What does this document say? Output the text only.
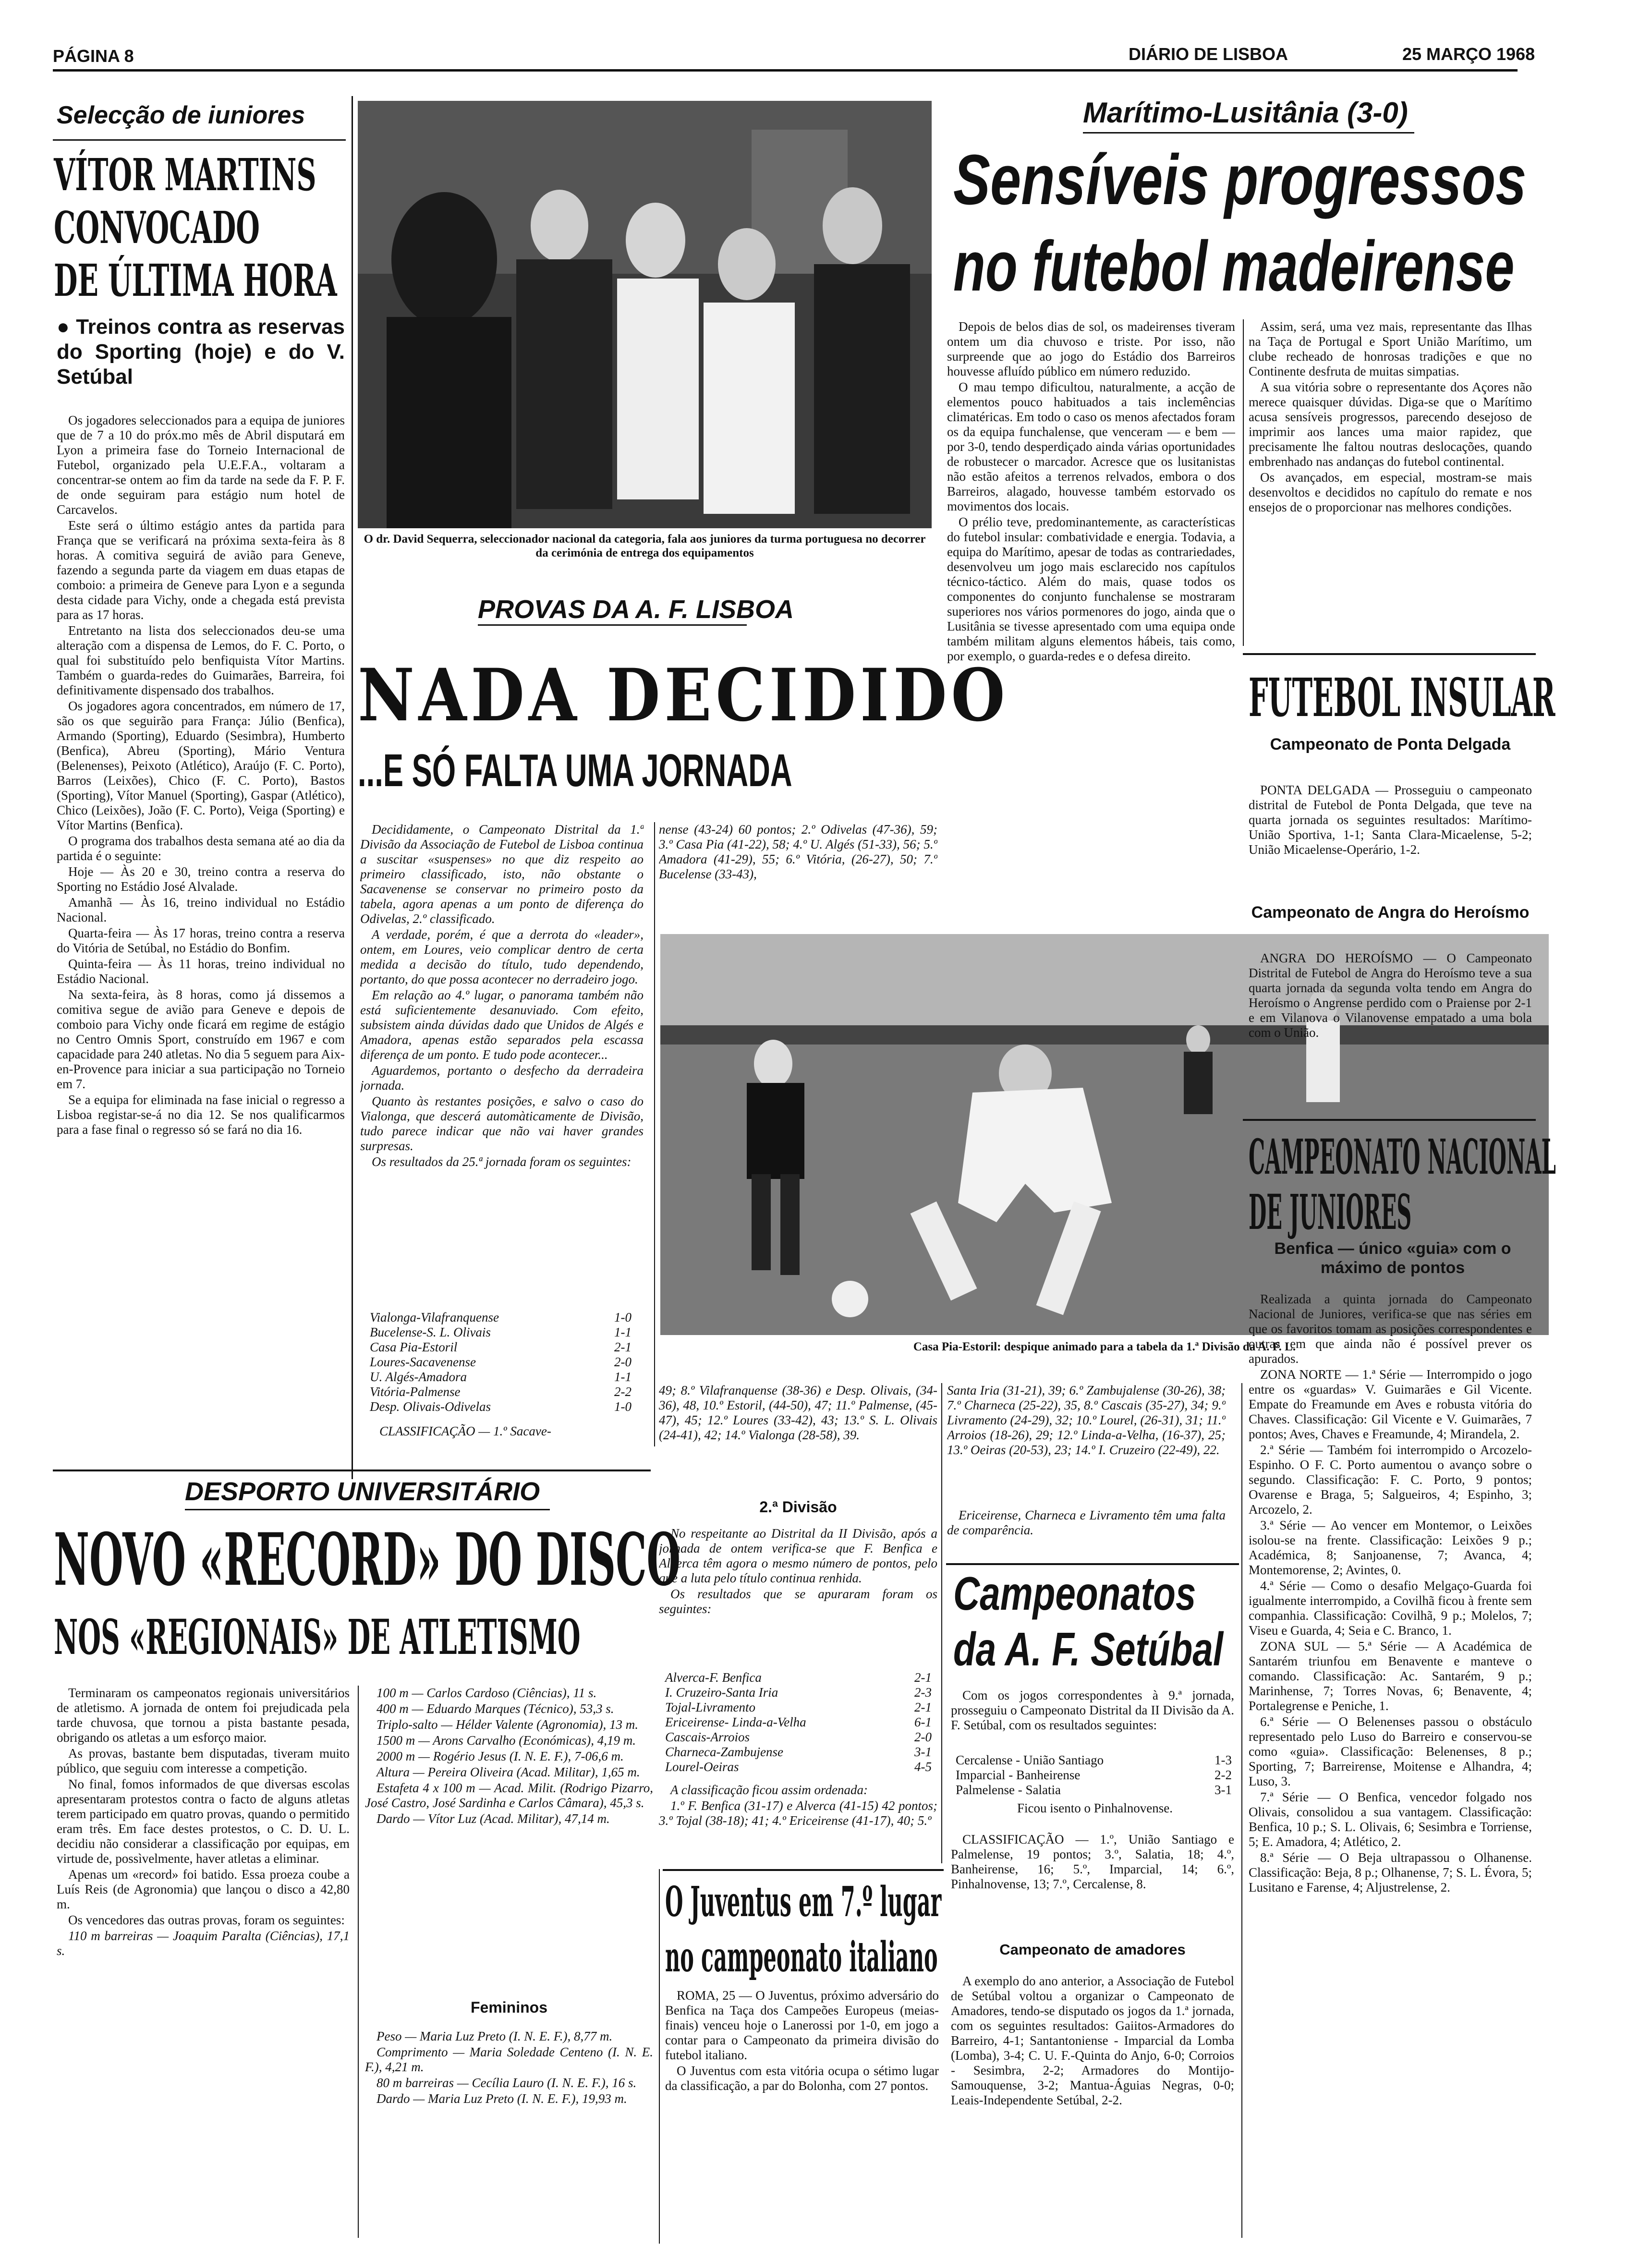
PÁGINA 8	DIÁRIO DE LISBOA	25 MARÇO 1968
Selecção de iuniores
VÍTOR MARTINS
CONVOCADO
DE ÚLTIMA HORA
● Treinos contra as reservas do Sporting (hoje) e do V. Setúbal

Os jogadores seleccionados para a equipa de juniores que de 7 a 10 do próx.mo mês de Abril disputará em Lyon a primeira fase do Torneio Internacional de Futebol, organizado pela U.E.F.A., voltaram a concentrar-se ontem ao fim da tarde na sede da F. P. F. de onde seguiram para estágio num hotel de Carcavelos.

Este será o último estágio antes da partida para França que se verificará na próxima sexta-feira às 8 horas. A comitiva seguirá de avião para Geneve, fazendo a segunda parte da viagem em duas etapas de comboio: a primeira de Geneve para Lyon e a segunda desta cidade para Vichy, onde a chegada está prevista para as 17 horas.

Entretanto na lista dos seleccionados deu-se uma alteração com a dispensa de Lemos, do F. C. Porto, o qual foi substituído pelo benfiquista Vítor Martins. Também o guarda-redes do Guimarães, Barreira, foi definitivamente dispensado dos trabalhos.

Os jogadores agora concentrados, em número de 17, são os que seguirão para França: Júlio (Benfica), Armando (Sporting), Eduardo (Sesimbra), Humberto (Benfica), Abreu (Sporting), Mário Ventura (Belenenses), Peixoto (Atlético), Araújo (F. C. Porto), Barros (Leixões), Chico (F. C. Porto), Bastos (Sporting), Vítor Manuel (Sporting), Gaspar (Atlético), Chico (Leixões), João (F. C. Porto), Veiga (Sporting) e Vítor Martins (Benfica).

O programa dos trabalhos desta semana até ao dia da partida é o seguinte:

Hoje — Às 20 e 30, treino contra a reserva do Sporting no Estádio José Alvalade.

Amanhã — Às 16, treino individual no Estádio Nacional.

Quarta-feira — Às 17 horas, treino contra a reserva do Vitória de Setúbal, no Estádio do Bonfim.

Quinta-feira — Às 11 horas, treino individual no Estádio Nacional.

Na sexta-feira, às 8 horas, como já dissemos a comitiva segue de avião para Geneve e depois de comboio para Vichy onde ficará em regime de estágio no Centro Omnis Sport, construído em 1967 e com capacidade para 240 atletas. No dia 5 seguem para Aix-en-Provence para iniciar a sua participação no Torneio em 7.

Se a equipa for eliminada na fase inicial o regresso a Lisboa registar-se-á no dia 12. Se nos qualificarmos para a fase final o regresso só se fará no dia 16.

O dr. David Sequerra, seleccionador nacional da categoria, fala aos juniores da turma portuguesa no decorrer da cerimónia de entrega dos equipamentos
PROVAS DA A. F. LISBOA
NADA DECIDIDO
...E SÓ FALTA UMA JORNADA

Decididamente, o Campeonato Distrital da 1.ª Divisão da Associação de Futebol de Lisboa continua a suscitar «suspenses» no que diz respeito ao primeiro classificado, isto, não obstante o Sacavenense se conservar no primeiro posto da tabela, agora apenas a um ponto de diferença do Odivelas, 2.º classificado.

A verdade, porém, é que a derrota do «leader», ontem, em Loures, veio complicar dentro de certa medida a decisão do título, tudo dependendo, portanto, do que possa acontecer no derradeiro jogo.

Em relação ao 4.º lugar, o panorama também não está suficientemente desanuviado. Com efeito, subsistem ainda dúvidas dado que Unidos de Algés e Amadora, apenas estão separados pela escassa diferença de um ponto. E tudo pode acontecer...

Aguardemos, portanto o desfecho da derradeira jornada.

Quanto às restantes posições, e salvo o caso do Vialonga, que descerá automàticamente de Divisão, tudo parece indicar que não vai haver grandes surpresas.

Os resultados da 25.ª jornada foram os seguintes:

Vialonga-Vilafranquense	1-0
Bucelense-S. L. Olivais	1-1
Casa Pia-Estoril	2-1
Loures-Sacavenense	2-0
U. Algés-Amadora	1-1
Vitória-Palmense	2-2
Desp. Olivais-Odivelas	1-0
CLASSIFICAÇÃO — 1.º Sacave-
nense (43-24) 60 pontos; 2.º Odivelas (47-36), 59; 3.º Casa Pia (41-22), 58; 4.º U. Algés (51-33), 56; 5.º Amadora (41-29), 55; 6.º Vitória, (26-27), 50; 7.º Bucelense (33-43),
Casa Pia-Estoril: despique animado para a tabela da 1.ª Divisão da A. F. L.
49; 8.º Vilafranquense (38-36) e Desp. Olivais, (34-36), 48, 10.º Estoril, (44-50), 47; 11.º Palmense, (45-47), 45; 12.º Loures (33-42), 43; 13.º S. L. Olivais (24-41), 42; 14.º Vialonga (28-58), 39.
2.ª Divisão

No respeitante ao Distrital da II Divisão, após a jornada de ontem verifica-se que F. Benfica e Alverca têm agora o mesmo número de pontos, pelo que a luta pelo título continua renhida.

Os resultados que se apuraram foram os seguintes:

Alverca-F. Benfica	2-1
I. Cruzeiro-Santa Iria	2-3
Tojal-Livramento	2-1
Ericeirense- Linda-a-Velha	6-1
Cascais-Arroios	2-0
Charneca-Zambujense	3-1
Lourel-Oeiras	4-5

A classificação ficou assim ordenada:

1.º F. Benfica (31-17) e Alverca (41-15) 42 pontos; 3.º Tojal (38-18); 41; 4.º Ericeirense (41-17), 40; 5.º

Santa Iria (31-21), 39; 6.º Zambujalense (30-26), 38; 7.º Charneca (25-22), 35, 8.º Cascais (35-27), 34; 9.º Livramento (24-29), 32; 10.º Lourel, (26-31), 31; 11.º Arroios (18-26), 29; 12.º Linda-a-Velha, (16-37), 25; 13.º Oeiras (20-53), 23; 14.º I. Cruzeiro (22-49), 22.

Ericeirense, Charneca e Livramento têm uma falta de comparência.

Marítimo-Lusitânia (3-0)
Sensíveis progressos
no futebol madeirense

Depois de belos dias de sol, os madeirenses tiveram ontem um dia chuvoso e triste. Por isso, não surpreende que ao jogo do Estádio dos Barreiros houvesse afluído público em número reduzido.

O mau tempo dificultou, naturalmente, a acção de elementos pouco habituados a tais inclemências climatéricas. Em todo o caso os menos afectados foram os da equipa funchalense, que venceram — e bem — por 3-0, tendo desperdiçado ainda várias oportunidades de robustecer o marcador. Acresce que os lusitanistas não estão afeitos a terrenos relvados, embora o dos Barreiros, alagado, houvesse também estorvado os movimentos dos locais.

O prélio teve, predominantemente, as características do futebol insular: combatividade e energia. Todavia, a equipa do Marítimo, apesar de todas as contrariedades, desenvolveu um jogo mais esclarecido nos capítulos técnico-táctico. Além do mais, quase todos os componentes do conjunto funchalense se mostraram superiores nos vários pormenores do jogo, ainda que o Lusitânia se tivesse apresentado com uma equipa onde também militam alguns elementos hábeis, tais como, por exemplo, o guarda-redes e o defesa direito.

Assim, será, uma vez mais, representante das Ilhas na Taça de Portugal e Sport União Marítimo, um clube recheado de honrosas tradições e que no Continente desfruta de muitas simpatias.

A sua vitória sobre o representante dos Açores não merece quaisquer dúvidas. Diga-se que o Marítimo acusa sensíveis progressos, parecendo desejoso de imprimir aos lances uma maior rapidez, que precisamente lhe faltou noutras deslocações, quando embrenhado nas andanças do futebol continental.

Os avançados, em especial, mostram-se mais desenvoltos e decididos no capítulo do remate e nos ensejos de o proporcionar nas melhores condições.

FUTEBOL INSULAR
Campeonato de Ponta Delgada

PONTA DELGADA — Prosseguiu o campeonato distrital de Futebol de Ponta Delgada, que teve na quarta jornada os seguintes resultados: Marítimo-União Sportiva, 1-1; Santa Clara-Micaelense, 5-2; União Micaelense-Operário, 1-2.

Campeonato de Angra do Heroísmo

ANGRA DO HEROÍSMO — O Campeonato Distrital de Futebol de Angra do Heroísmo teve a sua quarta jornada da segunda volta tendo em Angra do Heroísmo o Angrense perdido com o Praiense por 2-1 e em Vilanova o Vilanovense empatado a uma bola com o União.

CAMPEONATO NACIONAL
DE JUNIORES
Benfica — único «guia» com o máximo de pontos

Realizada a quinta jornada do Campeonato Nacional de Juniores, verifica-se que nas séries em que os favoritos tomam as posições correspondentes e outras em que ainda não é possível prever os apurados.

ZONA NORTE — 1.ª Série — Interrompido o jogo entre os «guardas» V. Guimarães e Gil Vicente. Empate do Freamunde em Aves e robusta vitória do Chaves. Classificação: Gil Vicente e V. Guimarães, 7 pontos; Aves, Chaves e Freamunde, 4; Mirandela, 2.

2.ª Série — Também foi interrompido o Arcozelo-Espinho. O F. C. Porto aumentou o avanço sobre o segundo. Classificação: F. C. Porto, 9 pontos; Ovarense e Braga, 5; Salgueiros, 4; Espinho, 3; Arcozelo, 2.

3.ª Série — Ao vencer em Montemor, o Leixões isolou-se na frente. Classificação: Leixões 9 p.; Académica, 8; Sanjoanense, 7; Avanca, 4; Montemorense, 2; Avintes, 0.

4.ª Série — Como o desafio Melgaço-Guarda foi igualmente interrompido, a Covilhã ficou à frente sem companhia. Classificação: Covilhã, 9 p.; Molelos, 7; Viseu e Guarda, 4; Seia e C. Branco, 1.

ZONA SUL — 5.ª Série — A Académica de Santarém triunfou em Benavente e manteve o comando. Classificação: Ac. Santarém, 9 p.; Marinhense, 7; Torres Novas, 6; Benavente, 4; Portalegrense e Peniche, 1.

6.ª Série — O Belenenses passou o obstáculo representado pelo Luso do Barreiro e conservou-se como «guia». Classificação: Belenenses, 8 p.; Sporting, 7; Barreirense, Moitense e Alhandra, 4; Luso, 3.

7.ª Série — O Benfica, vencedor folgado nos Olivais, consolidou a sua vantagem. Classificação: Benfica, 10 p.; S. L. Olivais, 6; Sesimbra e Torriense, 5; E. Amadora, 4; Atlético, 2.

8.ª Série — O Beja ultrapassou o Olhanense. Classificação: Beja, 8 p.; Olhanense, 7; S. L. Évora, 5; Lusitano e Farense, 4; Aljustrelense, 2.

Campeonatos
da A. F. Setúbal

Com os jogos correspondentes à 9.ª jornada, prosseguiu o Campeonato Distrital da II Divisão da A. F. Setúbal, com os resultados seguintes:

Cercalense - União Santiago	1-3
Imparcial - Banheirense	2-2
Palmelense - Salatia	3-1
Ficou isento o Pinhalnovense.

CLASSIFICAÇÃO — 1.º, União Santiago e Palmelense, 19 pontos; 3.º, Salatia, 18; 4.º, Banheirense, 16; 5.º, Imparcial, 14; 6.º, Pinhalnovense, 13; 7.º, Cercalense, 8.

Campeonato de amadores

A exemplo do ano anterior, a Associação de Futebol de Setúbal voltou a organizar o Campeonato de Amadores, tendo-se disputado os jogos da 1.ª jornada, com os seguintes resultados: Gaiitos-Armadores do Barreiro, 4-1; Santantoniense - Imparcial da Lomba (Lomba), 3-4; C. U. F.-Quinta do Anjo, 6-0; Corroios - Sesimbra, 2-2; Armadores do Montijo-Samouquense, 3-2; Mantua-Águias Negras, 0-0; Leais-Independente Setúbal, 2-2.

O Juventus em 7.º lugar
no campeonato italiano

ROMA, 25 — O Juventus, próximo adversário do Benfica na Taça dos Campeões Europeus (meias-finais) venceu hoje o Lanerossi por 1-0, em jogo a contar para o Campeonato da primeira divisão do futebol italiano.

O Juventus com esta vitória ocupa o sétimo lugar da classificação, a par do Bolonha, com 27 pontos.

DESPORTO UNIVERSITÁRIO
NOVO «RECORD» DO DISCO
NOS «REGIONAIS» DE ATLETISMO

Terminaram os campeonatos regionais universitários de atletismo. A jornada de ontem foi prejudicada pela tarde chuvosa, que tornou a pista bastante pesada, obrigando os atletas a um esforço maior.

As provas, bastante bem disputadas, tiveram muito público, que seguiu com interesse a competição.

No final, fomos informados de que diversas escolas apresentaram protestos contra o facto de alguns atletas terem participado em quatro provas, quando o permitido eram três. Em face destes protestos, o C. D. U. L. decidiu não considerar a classificação por equipas, em virtude de, possìvelmente, haver atletas a eliminar.

Apenas um «record» foi batido. Essa proeza coube a Luís Reis (de Agronomia) que lançou o disco a 42,80 m.

Os vencedores das outras provas, foram os seguintes:

110 m barreiras — Joaquim Paralta (Ciências), 17,1 s.

100 m — Carlos Cardoso (Ciências), 11 s.

400 m — Eduardo Marques (Técnico), 53,3 s.

Triplo-salto — Hélder Valente (Agronomia), 13 m.

1500 m — Arons Carvalho (Económicas), 4,19 m.

2000 m — Rogério Jesus (I. N. E. F.), 7-06,6 m.

Altura — Pereira Oliveira (Acad. Militar), 1,65 m.

Estafeta 4 x 100 m — Acad. Milit. (Rodrigo Pizarro, José Castro, José Sardinha e Carlos Câmara), 45,3 s.

Dardo — Vítor Luz (Acad. Militar), 47,14 m.

Femininos

Peso — Maria Luz Preto (I. N. E. F.), 8,77 m.

Comprimento — Maria Soledade Centeno (I. N. E. F.), 4,21 m.

80 m barreiras — Cecília Lauro (I. N. E. F.), 16 s.

Dardo — Maria Luz Preto (I. N. E. F.), 19,93 m.
